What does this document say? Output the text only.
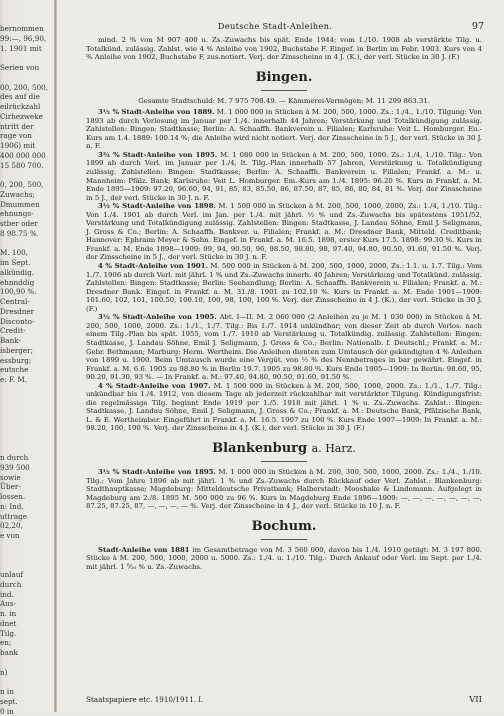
bernommen
99:—, 96,90,
1. 1901 mit

Serien von

00, 200, 500,
des auf die
eilrückzahl
Cirhezweke
ntritt der
rage von
1906) mit
400 000 000
15 580 700.

0, 200, 500,
Zuwachs;
Dmummen
ehnungs-
stber oder
8 98.75 %.

M. 100,
im Sept.
alkündig.
ehnnddig
100,90 %.
Central-
Dresdner
Disconto-
Credit-
Bank-
isberger;
essburg;
eutsche
e: F. M.

n durch
939 500
sowie
Über-
lossen.
n: Ind.
uttrage
02,20,
e von

unlauf
durch
ind.
Aus-
n. in
dnet
Tilg.
en;
bank

n)

n in
sept.
0 in
Deutsche Stadt-Anleihen.	97

mind. 2 % von M 907 400 u. Zs.-Zuwachs bis spät. Ende 1944; vom 1./10. 1908 ab verstärkte Tilg. u. Totalkünd. zulässig. Zahlst. wie 4 % Anleihe von 1902, Buchstabe F. Eingef. in Berlin im Febr. 1903. Kurs von 4 % Anleihe von 1902, Buchstabe F, zus.notiert. Verj. der Zinsscheine in 4 J. (K.), der verl. Stücke in 30 J. (F.)

Bingen.
Gesamte Stadtschuld: M. 7 975 708.49. — Kämmerei-Vermögen: M. 11 299 863.31.

3½ % Stadt-Anleihe von 1889. M. 1 000 000 in Stücken à M. 200, 500, 1000. Zs.: 1./4., 1./10. Tilgung: Von 1893 ab durch Verlosung im Januar per 1./4. innerhalb 44 Jahren; Verstärkung und Totalkündigung zulässig. Zahlstellen: Bingen: Stadtkasse; Berlin: A. Schaaffh. Bankverein u. Filialen; Karlsruhe: Veit L. Homburger. Eu.-Kurs am 1.4. 1889: 100.14 %; die Anleihe wird nicht notiert. Verj. der Zinsscheine in 5 J., der verl. Stücke in 30 J. n. F.

3¾ % Stadt-Anleihe von 1895. M. 1 080 000 in Stücken à M. 200, 500, 1000. Zs.: 1./4, 1./10. Tilg.: Von 1899 ab durch Verl. im Januar per 1./4, lt. Tilg.-Plan innerhalb 57 Jahren, Verstärkung u. Totalkündigung zulässig. Zahlstellen: Bingen: Stadtkasse; Berlin: A. Schaaffh. Bankverein u. Filialen; Frankf. a. M.: u. Mannheim: Pfälz. Bank; Karlsruhe: Veit L. Homburger. Em.-Kurs am 1./4. 1895: 96.20 %. Kurs in Frankf. a. M. Ende 1895—1909: 97.20, 96.60, 94, 91, 85, 83, 85.50, 86, 87.50, 87, 85, 86, 80, 84, 81 %. Verj. der Zinsscheine in 5 J., der verl. Stücke in 30 J. n. F.

3½ % Stadt-Anleihe von 1898. M. 1 500 000 in Stücken à M. 200, 500, 1000, 2000, Zs.: 1./4, 1./10. Tilg.: Von 1./4. 1901 ab durch Verl. im Jan. per 1./4. mit jährl. ½ % und Zs.-Zuwachs bis spätestens 1951/52, Verstärkung und Totalkündigung zulässig. Zahlstellen: Bingen: Stadtkasse, J. Landau Söhne, Emil J. Seligmann, J. Gross & Co.; Berlin: A. Schaaffh. Bankver. u. Filialen; Frankf. a. M.: Dresdner Bank, Mitteld. Creditbank; Hannover: Ephraim Meyer & Sohn. Eingef. in Frankf. a. M. 16.5. 1898, erster Kurs 17.5. 1898: 99.30 %. Kurs in Frankf. a. M. Ende 1898—1909: 99, 94, 90.50, 96, 98.50, 98.80, 98, 97.40, 94.80, 90.50, 91.60, 91.50 %. Verj. der Zinsscheine in 5 J., der verl. Stücke in 30 J. n. F.

4 % Stadt-Anleihe von 1901. M. 500 000 in Stücken à M. 200, 500, 1000, 2000, Zs.: 1.1. u. 1.7. Tilg.: Vom 1./7. 1906 ab durch Verl. mit jährl. 1 % und Zs.-Zuwachs innerh. 40 Jahren; Verstärkung und Totalkünd. zulässig. Zahlstellen: Bingen: Stadtkasse; Berlin: Seehandlung; Berlin: A. Schaaffh. Bankverein u. Filialen; Frankf. a. M.: Dresdner Bank. Eingef. in Frankf. a. M. 31./8. 1901 zu 102.10 %. Kurs in Frankf. a. M. Ende 1901—1909: 101.60, 102, 101, 100.50, 100.10, 100, 98, 100, 100 %. Verj. der Zinsscheine in 4 J. (K.), der verl. Stücke in 30 J. (F.)

3½ % Stadt-Anleihe von 1905. Abt. I—II. M. 2 060 000 (2 Anleihen zu je M. 1 030 000) in Stücken à M. 200, 500, 1000, 2000. Zs.: 1./1., 1./7. Tilg.: Bis 1./7. 1914 unkündbar; von dieser Zeit ab durch Verlos. nach einem Tilg.-Plan bis spät. 1955, vom 1./7. 1910 ab Verstärkung u. Totalkündig. zulässig. Zahlstellen: Bingen: Stadtkasse, J. Landau Söhne, Emil J. Seligmann, J. Gross & Co.; Berlin: Nationalb. f. Deutschl.; Frankf. a. M.: Gebr. Bethmann; Marburg: Herm. Wertheim. Die Anleihen dienten zum Umtausch der gekündigten 4 % Anleihen von 1899 u. 1900. Beim Umtausch wurde eine Vergüt. von ½ % des Nennbetrages in bar gewährt. Eingef. in Frankf. a. M. 6.6. 1905 zu 98.80 % in Berlin 19.7. 1905 zu 98.80 %. Kurs Ende 1905—1909: In Berlin: 98.60, 95, 90.20, 91.30, 93 %. — In Frankf. a. M.: 97.40, 94.80, 90.50, 91.60, 91.50 %.

4 % Stadt-Anleihe von 1907. M. 1 500 000 in Stücken à M. 200, 500, 1000, 2000. Zs.: 1./1., 1./7. Tilg.: unkündbar bis 1./4. 1912, von diesem Tage ab jederzeit rückzahlbar mit verstärkter Tilgung. Kündigungsfrist: die regelmässige Tilg. beginnt Ende 1919 per 1./5. 1918 mit jährl. 1 % u. Zs.-Zuwachs. Zahlst.: Bingen: Stadtkasse, J. Landau Söhne, Emil J. Seligmann, J. Gross & Co.; Frankf. a. M.: Deutsche Bank, Pfälzische Bank, L. & E. Wertheimber. Eingeführt in Frankf. a. M. 16.5. 1907 zu 100 %. Kurs Ende 1907—1909: In Frankf. a. M.: 98.20, 100, 100 %. Verj. der Zinsscheine in 4 J. (K.), der verl. Stücke in 30 J. (F.)

Blankenburg a. Harz.

3½ % Stadt-Anleihe von 1895. M. 1 000 000 in Stücken à M. 200, 300, 500, 1000, 2000. Zs.: 1./4., 1./10. Tilg.: Vom Jahre 1896 ab mit jährl. 1 % und Zs.-Zuwachs durch Rückkauf oder Verl. Zahlst.: Blankenburg: Stadthauptkasse; Magdeburg: Mitteldeutsche Privatbank; Halberstadt: Mooshake & Lindemann. Aufgelegt in Magdeburg am 2./8. 1895 M. 500 000 zu 96 %. Kurs in Magdeburg Ende 1896—1909: —, —, —, —, —, —, —, 87.25, 87.25, 87, —, —, —, — %. Verj. der Zinsscheine in 4 J., der verl. Stücke in 10 J. n. F.

Bochum.

Stadt-Anleihe von 1881 im Gesamtbetrage von M. 3 560 000, davon bis 1./4. 1910 getilgt: M. 3 197 800. Stücke à M. 200, 500, 1000, 2000 u. 5000. Zs.: 1./4. u. 1./10. Tilg.: Durch Ankauf oder Verl. im Sept. per 1./4. mit jährl. 1 ⁸⁄₁₀ % u. Zs.-Zuwachs.

Staatspapiere etc. 1910/1911. I.	VII
